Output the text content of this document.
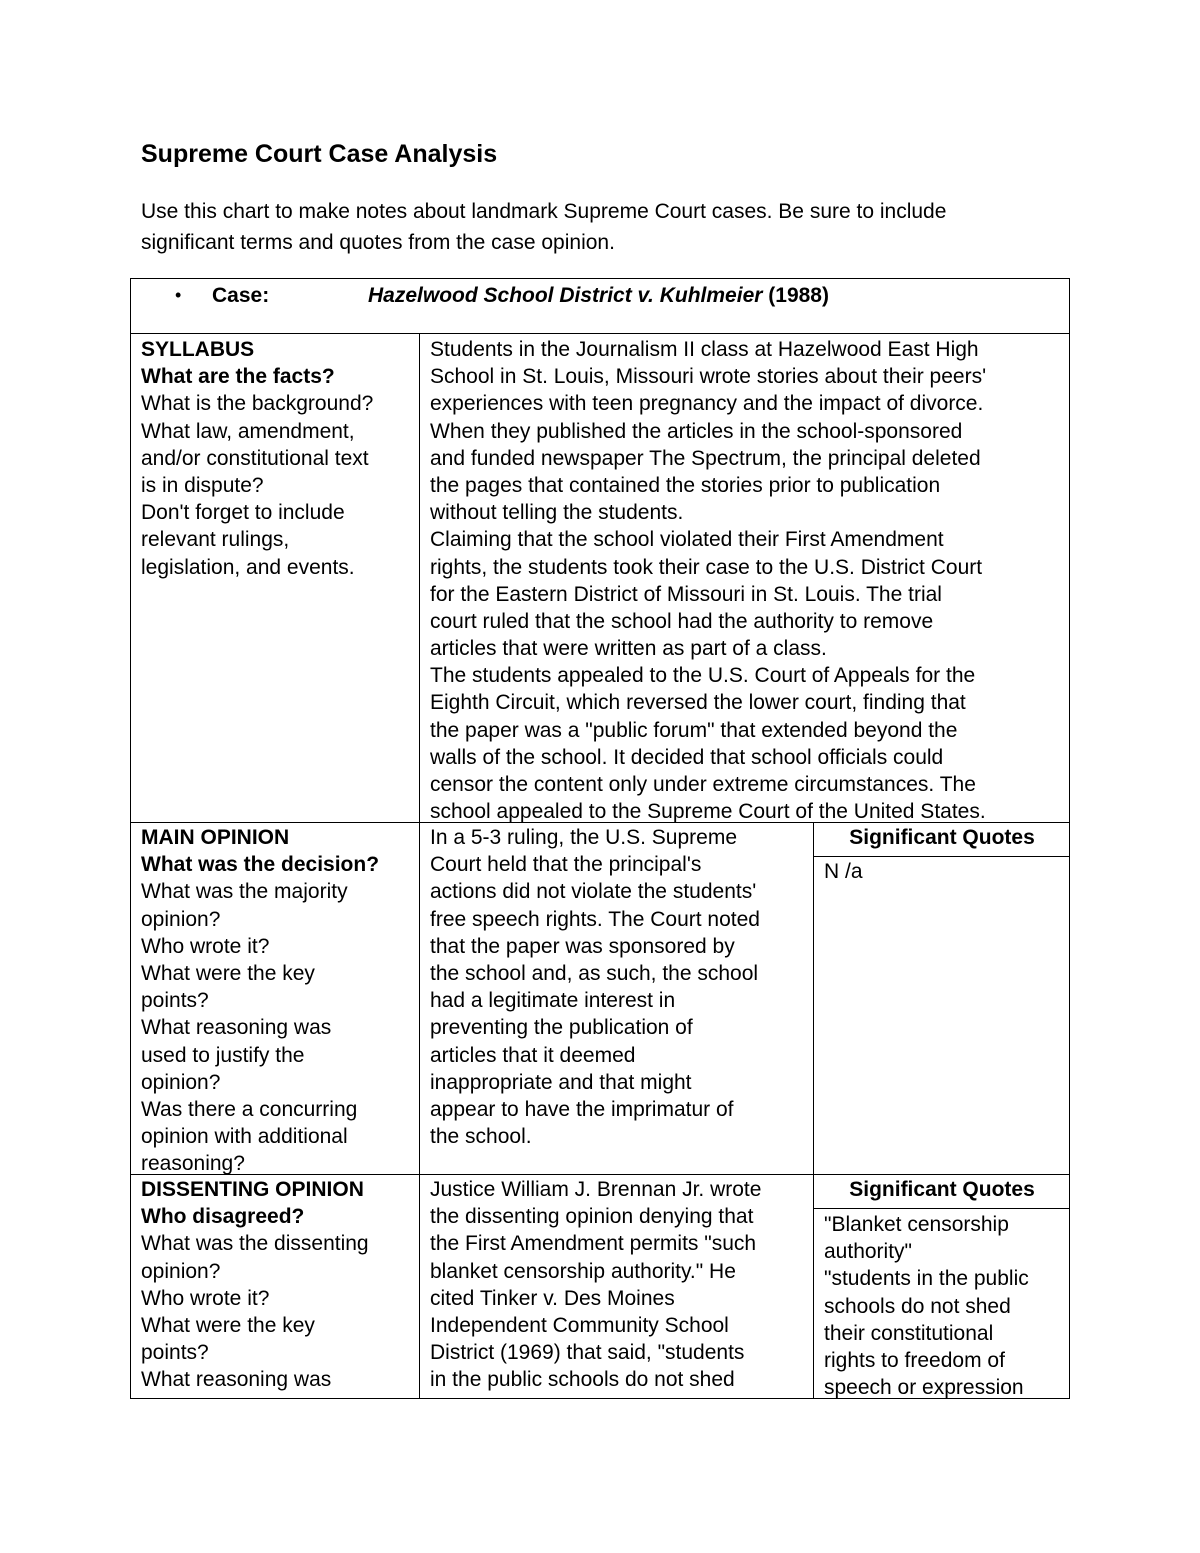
Supreme Court Case Analysis
Use this chart to make notes about landmark Supreme Court cases. Be sure to include
significant terms and quotes from the case opinion.
• Case:	Hazelwood School District v. Kuhlmeier (1988)
SYLLABUS
What are the facts?
What is the background?
What law, amendment,
and/or constitutional text
is in dispute?
Don't forget to include
relevant rulings,
legislation, and events.
Students in the Journalism II class at Hazelwood East High
School in St. Louis, Missouri wrote stories about their peers'
experiences with teen pregnancy and the impact of divorce.
When they published the articles in the school-sponsored
and funded newspaper The Spectrum, the principal deleted
the pages that contained the stories prior to publication
without telling the students.
Claiming that the school violated their First Amendment
rights, the students took their case to the U.S. District Court
for the Eastern District of Missouri in St. Louis. The trial
court ruled that the school had the authority to remove
articles that were written as part of a class.
The students appealed to the U.S. Court of Appeals for the
Eighth Circuit, which reversed the lower court, finding that
the paper was a "public forum" that extended beyond the
walls of the school. It decided that school officials could
censor the content only under extreme circumstances. The
school appealed to the Supreme Court of the United States.
MAIN OPINION
What was the decision?
What was the majority
opinion?
Who wrote it?
What were the key
points?
What reasoning was
used to justify the
opinion?
Was there a concurring
opinion with additional
reasoning?
In a 5-3 ruling, the U.S. Supreme
Court held that the principal's
actions did not violate the students'
free speech rights. The Court noted
that the paper was sponsored by
the school and, as such, the school
had a legitimate interest in
preventing the publication of
articles that it deemed
inappropriate and that might
appear to have the imprimatur of
the school.
Significant Quotes
N /a
DISSENTING OPINION
Who disagreed?
What was the dissenting
opinion?
Who wrote it?
What were the key
points?
What reasoning was
Justice William J. Brennan Jr. wrote
the dissenting opinion denying that
the First Amendment permits "such
blanket censorship authority." He
cited Tinker v. Des Moines
Independent Community School
District (1969) that said, "students
in the public schools do not shed
Significant Quotes
"Blanket censorship
authority"
"students in the public
schools do not shed
their constitutional
rights to freedom of
speech or expression
